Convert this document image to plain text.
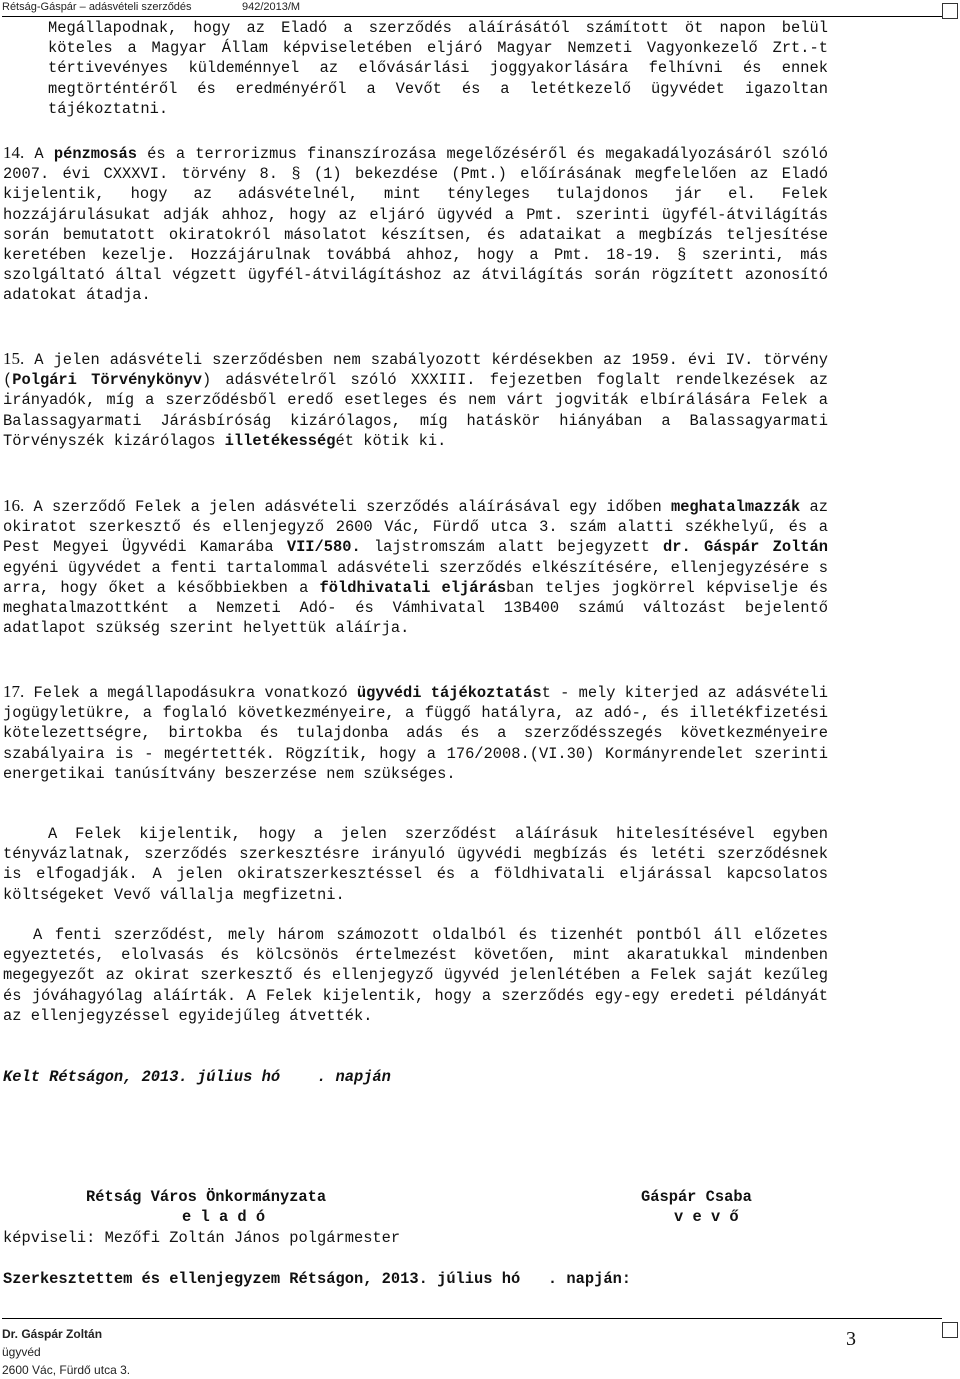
Rétság-Gáspár – adásvételi szerződés	942/2013/M

Megállapodnak, hogy az Eladó a szerződés aláírásától számított öt napon belül köteles a Magyar Állam képviseletében eljáró Magyar Nemzeti Vagyonkezelő Zrt.-t tértivevényes küldeménnyel az elővásárlási joggyakorlására felhívni és ennek megtörténtéről és eredményéről a Vevőt és a letétkezelő ügyvédet igazoltan tájékoztatni.

14. A pénzmosás és a terrorizmus finanszírozása megelőzéséről és megakadályozásáról szóló 2007. évi CXXXVI. törvény 8. § (1) bekezdése (Pmt.) előírásának megfelelően az Eladó kijelentik, hogy az adásvételnél, mint tényleges tulajdonos jár el. Felek hozzájárulásukat adják ahhoz, hogy az eljáró ügyvéd a Pmt. szerinti ügyfél-átvilágítás során bemutatott okiratokról másolatot készítsen, és adataikat a megbízás teljesítése keretében kezelje. Hozzájárulnak továbbá ahhoz, hogy a Pmt. 18-19. § szerinti, más szolgáltató által végzett ügyfél-átvilágításhoz az átvilágítás során rögzített azonosító adatokat átadja.

15. A jelen adásvételi szerződésben nem szabályozott kérdésekben az 1959. évi IV. törvény (Polgári Törvénykönyv) adásvételről szóló XXXIII. fejezetben foglalt rendelkezések az irányadók, míg a szerződésből eredő esetleges és nem várt jogviták elbírálására Felek a Balassagyarmati Járásbíróság kizárólagos, míg hatáskör hiányában a Balassagyarmati Törvényszék kizárólagos illetékességét kötik ki.

16. A szerződő Felek a jelen adásvételi szerződés aláírásával egy időben meghatalmazzák az okiratot szerkesztő és ellenjegyző 2600 Vác, Fürdő utca 3. szám alatti székhelyű, és a Pest Megyei Ügyvédi Kamarába VII/580. lajstromszám alatt bejegyzett dr. Gáspár Zoltán egyéni ügyvédet a fenti tartalommal adásvételi szerződés elkészítésére, ellenjegyzésére s arra, hogy őket a későbbiekben a földhivatali eljárásban teljes jogkörrel képviselje és meghatalmazottként a Nemzeti Adó- és Vámhivatal 13B400 számú változást bejelentő adatlapot szükség szerint helyettük aláírja.

17. Felek a megállapodásukra vonatkozó ügyvédi tájékoztatást - mely kiterjed az adásvételi jogügyletükre, a foglaló következményeire, a függő hatályra, az adó-, és illetékfizetési kötelezettségre, birtokba és tulajdonba adás és a szerződésszegés következményeire szabályaira is - megértették. Rögzítik, hogy a 176/2008.(VI.30) Kormányrendelet szerinti energetikai tanúsítvány beszerzése nem szükséges.

A Felek kijelentik, hogy a jelen szerződést aláírásuk hitelesítésével egyben tényvázlatnak, szerződés szerkesztésre irányuló ügyvédi megbízás és letéti szerződésnek is elfogadják. A jelen okiratszerkesztéssel és a földhivatali eljárással kapcsolatos költségeket Vevő vállalja megfizetni.

A fenti szerződést, mely három számozott oldalból és tizenhét pontból áll előzetes egyeztetés, elolvasás és kölcsönös értelmezést követően, mint akaratukkal mindenben megegyezőt az okirat szerkesztő és ellenjegyző ügyvéd jelenlétében a Felek saját kezűleg és jóváhagyólag aláírták. A Felek kijelentik, hogy a szerződés egy-egy eredeti példányát az ellenjegyzéssel egyidejűleg átvették.

Kelt Rétságon, 2013. július hó    . napján
Rétság Város Önkormányzata
e l a d ó
képviseli: Mezőfi Zoltán János polgármester
Gáspár Csaba
v e v ő
Szerkesztettem és ellenjegyzem Rétságon, 2013. július hó   . napján:
Dr. Gáspár Zoltán
ügyvéd
2600 Vác, Fürdő utca 3.
3
